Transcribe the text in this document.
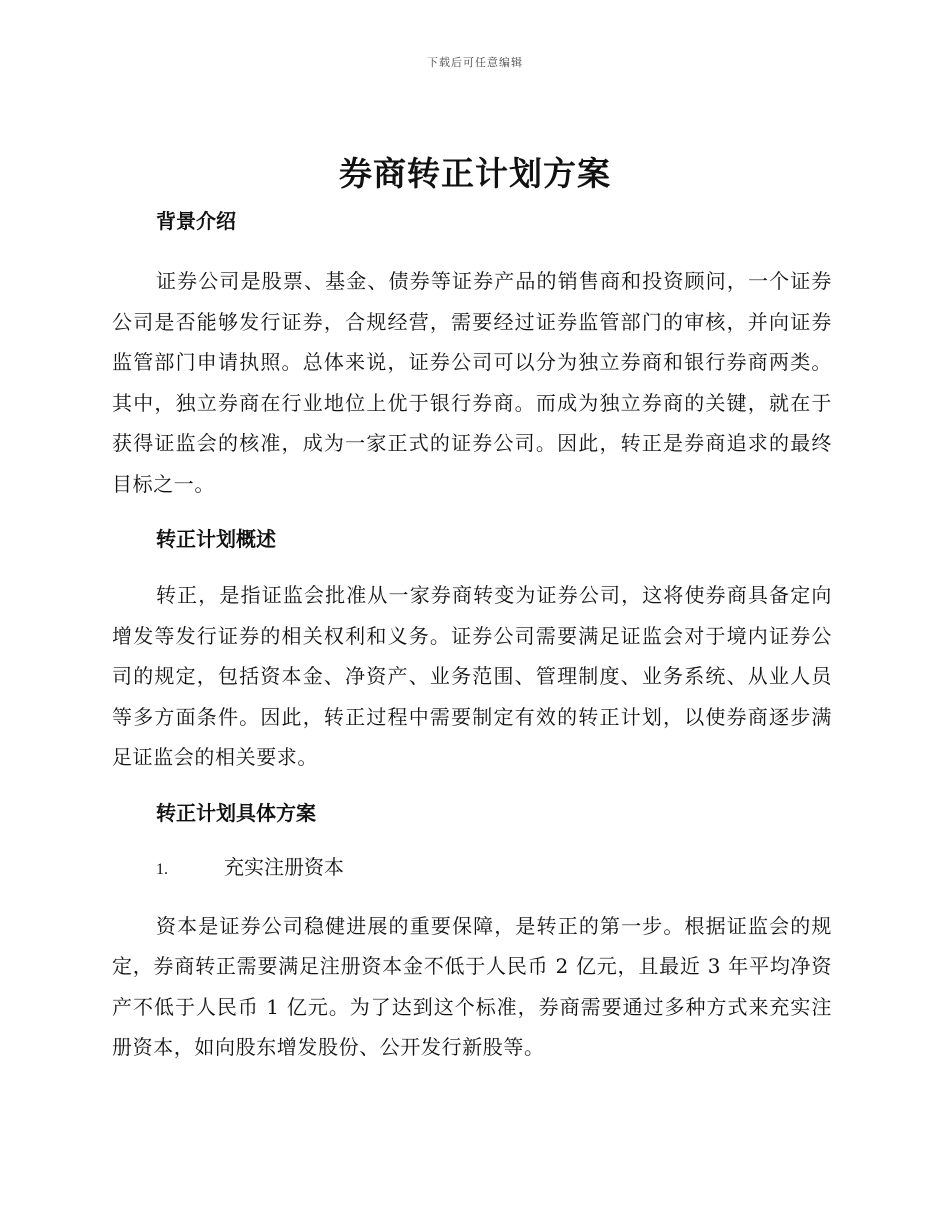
下载后可任意编辑
券商转正计划方案
背景介绍

证券公司是股票、基金、债券等证券产品的销售商和投资顾问，一个证券公司是否能够发行证券，合规经营，需要经过证券监管部门的审核，并向证券监管部门申请执照。总体来说，证券公司可以分为独立券商和银行券商两类。其中，独立券商在行业地位上优于银行券商。而成为独立券商的关键，就在于获得证监会的核准，成为一家正式的证券公司。因此，转正是券商追求的最终目标之一。

转正计划概述

转正，是指证监会批准从一家券商转变为证券公司，这将使券商具备定向增发等发行证券的相关权利和义务。证券公司需要满足证监会对于境内证券公司的规定，包括资本金、净资产、业务范围、管理制度、业务系统、从业人员等多方面条件。因此，转正过程中需要制定有效的转正计划，以使券商逐步满足证监会的相关要求。

转正计划具体方案
1.	充实注册资本

资本是证券公司稳健进展的重要保障，是转正的第一步。根据证监会的规定，券商转正需要满足注册资本金不低于人民币 2 亿元，且最近 3 年平均净资产不低于人民币 1 亿元。为了达到这个标准，券商需要通过多种方式来充实注册资本，如向股东增发股份、公开发行新股等。
